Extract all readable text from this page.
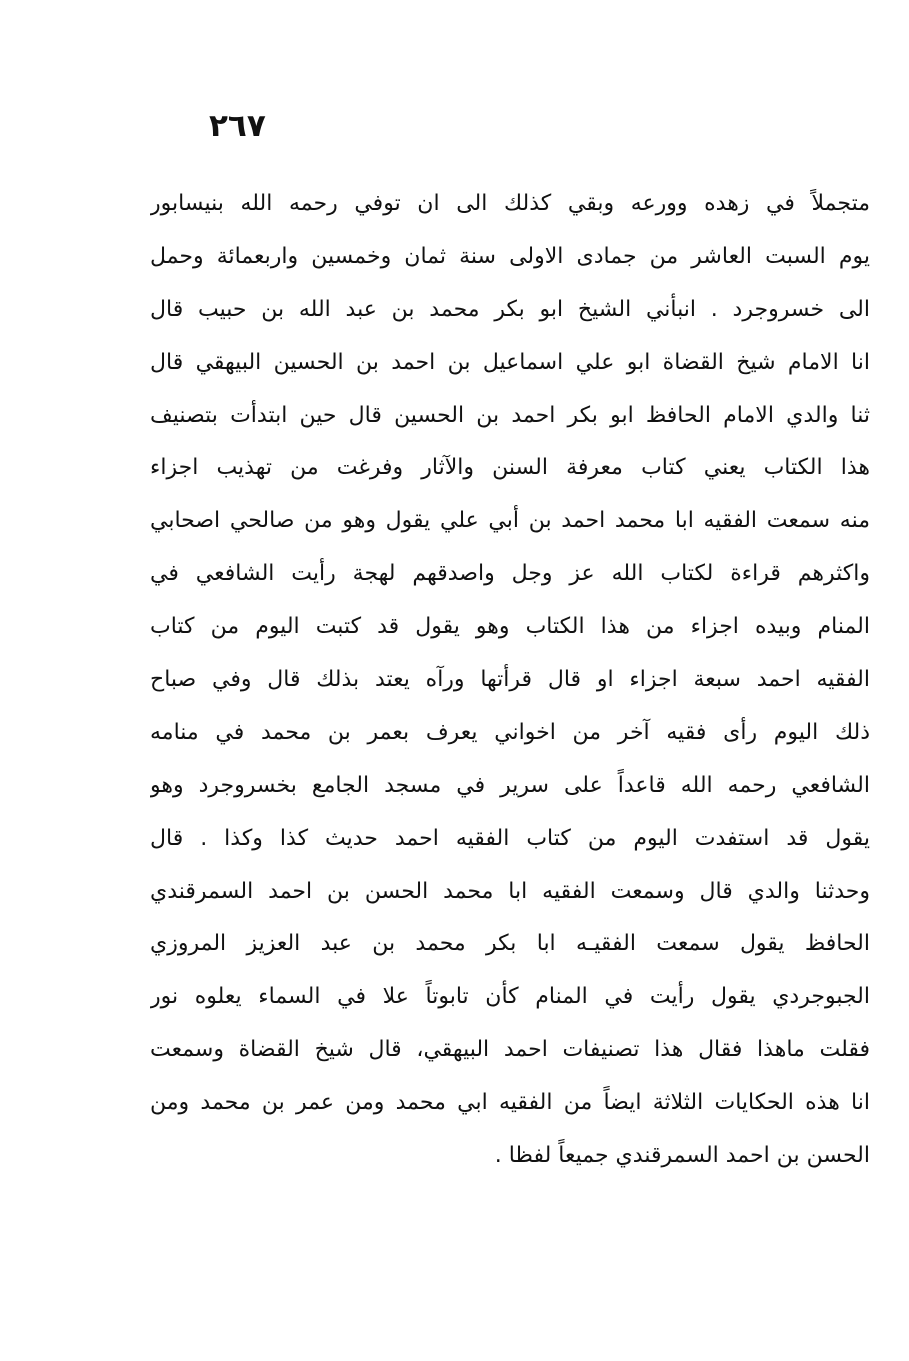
٢٦٧
متجملاً في زهده وورعه وبقي كذلك الى ان توفي رحمه الله بنيسابور
يوم السبت العاشر من جمادى الاولى سنة ثمان وخمسين واربعمائة وحمل
الى خسروجرد . انبأني الشيخ ابو بكر محمد بن عبد الله بن حبيب قال
انا الامام شيخ القضاة ابو علي اسماعيل بن احمد بن الحسين البيهقي قال
ثنا والدي الامام الحافظ ابو بكر احمد بن الحسين قال حين ابتدأت بتصنيف
هذا الكتاب يعني كتاب معرفة السنن والآثار وفرغت من تهذيب اجزاء
منه سمعت الفقيه ابا محمد احمد بن أبي علي يقول وهو من صالحي اصحابي
واكثرهم قراءة لكتاب الله عز وجل واصدقهم لهجة رأيت الشافعي في
المنام وبيده اجزاء من هذا الكتاب وهو يقول قد كتبت اليوم من كتاب
الفقيه احمد سبعة اجزاء او قال قرأتها ورآه يعتد بذلك قال وفي صباح
ذلك اليوم رأى فقيه آخر من اخواني يعرف بعمر بن محمد في منامه
الشافعي رحمه الله قاعداً على سرير في مسجد الجامع بخسروجرد وهو
يقول قد استفدت اليوم من كتاب الفقيه احمد حديث كذا وكذا . قال
وحدثنا والدي قال وسمعت الفقيه ابا محمد الحسن بن احمد السمرقندي
الحافظ يقول سمعت الفقيـه ابا بكر محمد بن عبد العزيز المروزي
الجبوجردي يقول رأيت في المنام كأن تابوتاً علا في السماء يعلوه نور
فقلت ماهذا فقال هذا تصنيفات احمد البيهقي، قال شيخ القضاة وسمعت
انا هذه الحكايات الثلاثة ايضاً من الفقيه ابي محمد ومن عمر بن محمد ومن
الحسن بن احمد السمرقندي جميعاً لفظا .
